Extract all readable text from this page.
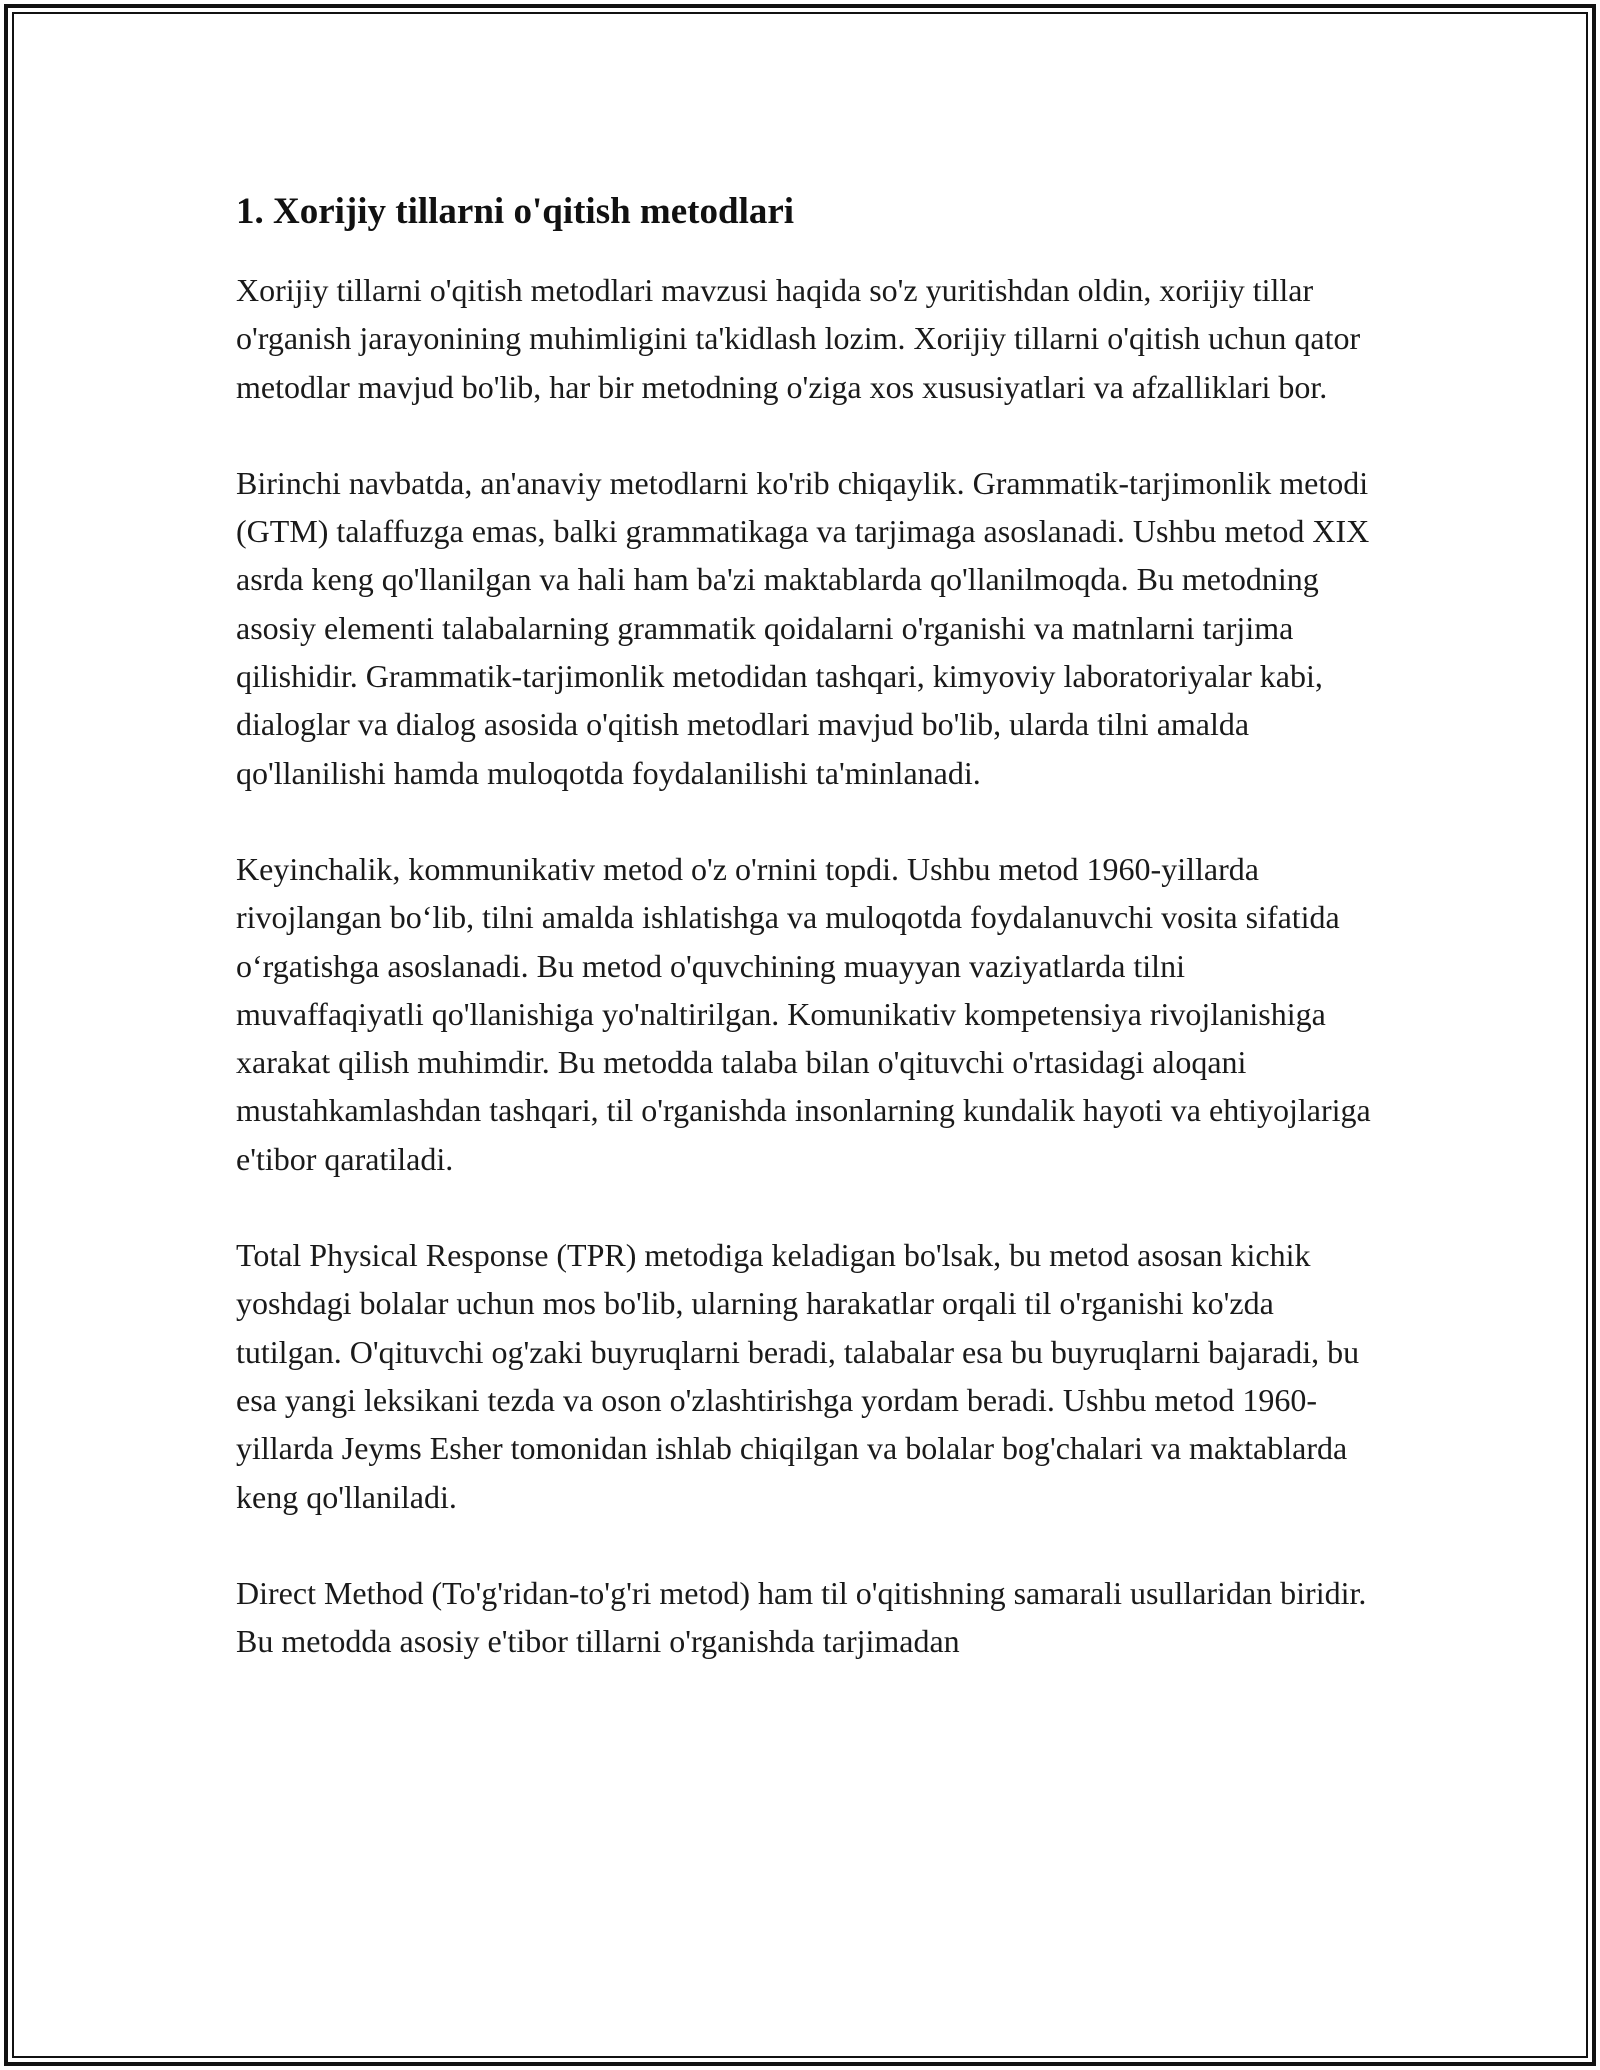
1. Xorijiy tillarni o'qitish metodlari

Xorijiy tillarni o'qitish metodlari mavzusi haqida so'z yuritishdan oldin, xorijiy tillar o'rganish jarayonining muhimligini ta'kidlash lozim. Xorijiy tillarni o'qitish uchun qator metodlar mavjud bo'lib, har bir metodning o'ziga xos xususiyatlari va afzalliklari bor.

Birinchi navbatda, an'anaviy metodlarni ko'rib chiqaylik. Grammatik-tarjimonlik metodi (GTM) talaffuzga emas, balki grammatikaga va tarjimaga asoslanadi. Ushbu metod XIX asrda keng qo'llanilgan va hali ham ba'zi maktablarda qo'llanilmoqda. Bu metodning asosiy elementi talabalarning grammatik qoidalarni o'rganishi va matnlarni tarjima qilishidir. Grammatik-tarjimonlik metodidan tashqari, kimyoviy laboratoriyalar kabi, dialoglar va dialog asosida o'qitish metodlari mavjud bo'lib, ularda tilni amalda qo'llanilishi hamda muloqotda foydalanilishi ta'minlanadi.

Keyinchalik, kommunikativ metod o'z o'rnini topdi. Ushbu metod 1960-yillarda rivojlangan bo‘lib, tilni amalda ishlatishga va muloqotda foydalanuvchi vosita sifatida o‘rgatishga asoslanadi. Bu metod o'quvchining muayyan vaziyatlarda tilni muvaffaqiyatli qo'llanishiga yo'naltirilgan. Komunikativ kompetensiya rivojlanishiga xarakat qilish muhimdir. Bu metodda talaba bilan o'qituvchi o'rtasidagi aloqani mustahkamlashdan tashqari, til o'rganishda insonlarning kundalik hayoti va ehtiyojlariga e'tibor qaratiladi.

Total Physical Response (TPR) metodiga keladigan bo'lsak, bu metod asosan kichik yoshdagi bolalar uchun mos bo'lib, ularning harakatlar orqali til o'rganishi ko'zda tutilgan. O'qituvchi og'zaki buyruqlarni beradi, talabalar esa bu buyruqlarni bajaradi, bu esa yangi leksikani tezda va oson o'zlashtirishga yordam beradi. Ushbu metod 1960-yillarda Jeyms Esher tomonidan ishlab chiqilgan va bolalar bog'chalari va maktablarda keng qo'llaniladi.

Direct Method (To'g'ridan-to'g'ri metod) ham til o'qitishning samarali usullaridan biridir. Bu metodda asosiy e'tibor tillarni o'rganishda tarjimadan
